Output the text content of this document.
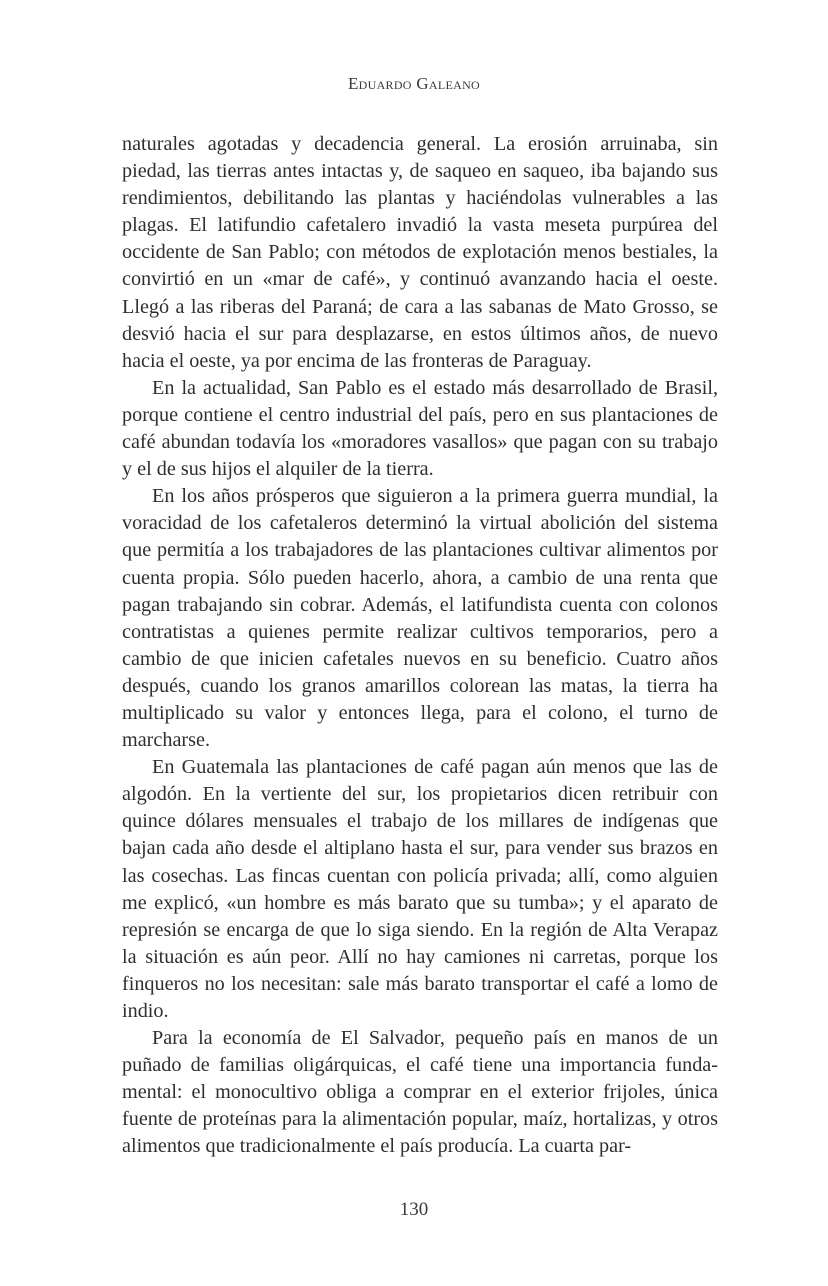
Eduardo Galeano

naturales agotadas y decadencia general. La erosión arruinaba, sin piedad, las tierras antes intactas y, de saqueo en saqueo, iba bajando sus rendimientos, debilitando las plantas y haciéndolas vulnerables a las plagas. El latifundio cafetalero invadió la vasta meseta purpúrea del occidente de San Pablo; con métodos de explotación menos bestiales, la convirtió en un «mar de café», y continuó avanzando hacia el oeste. Llegó a las riberas del Paraná; de cara a las sabanas de Mato Grosso, se desvió hacia el sur para desplazarse, en estos últimos años, de nuevo hacia el oeste, ya por encima de las fronteras de Paraguay.

En la actualidad, San Pablo es el estado más desarrollado de Brasil, porque contiene el centro industrial del país, pero en sus plantaciones de café abundan todavía los «moradores vasallos» que pagan con su trabajo y el de sus hijos el alquiler de la tierra.

En los años prósperos que siguieron a la primera guerra mundial, la voracidad de los cafetaleros determinó la virtual abolición del sistema que permitía a los trabajadores de las plantaciones cultivar alimentos por cuenta propia. Sólo pueden hacerlo, ahora, a cambio de una renta que pagan trabajando sin cobrar. Además, el latifundista cuenta con colonos contratistas a quienes permite realizar cultivos temporarios, pero a cambio de que inicien cafetales nuevos en su beneficio. Cuatro años después, cuando los granos amarillos colorean las matas, la tierra ha multiplicado su valor y entonces llega, para el colono, el turno de marcharse.

En Guatemala las plantaciones de café pagan aún menos que las de algodón. En la vertiente del sur, los propietarios dicen retribuir con quince dólares mensuales el trabajo de los millares de indígenas que bajan cada año desde el altiplano hasta el sur, para vender sus brazos en las cosechas. Las fincas cuentan con policía privada; allí, como alguien me explicó, «un hombre es más barato que su tumba»; y el aparato de represión se encarga de que lo siga siendo. En la región de Alta Verapaz la situación es aún peor. Allí no hay camiones ni carretas, porque los finqueros no los necesitan: sale más barato transportar el café a lomo de indio.

Para la economía de El Salvador, pequeño país en manos de un puñado de familias oligárquicas, el café tiene una importancia fundamental: el monocultivo obliga a comprar en el exterior frijoles, única fuente de proteínas para la alimentación popular, maíz, hortalizas, y otros alimentos que tradicionalmente el país producía. La cuarta par-

130
